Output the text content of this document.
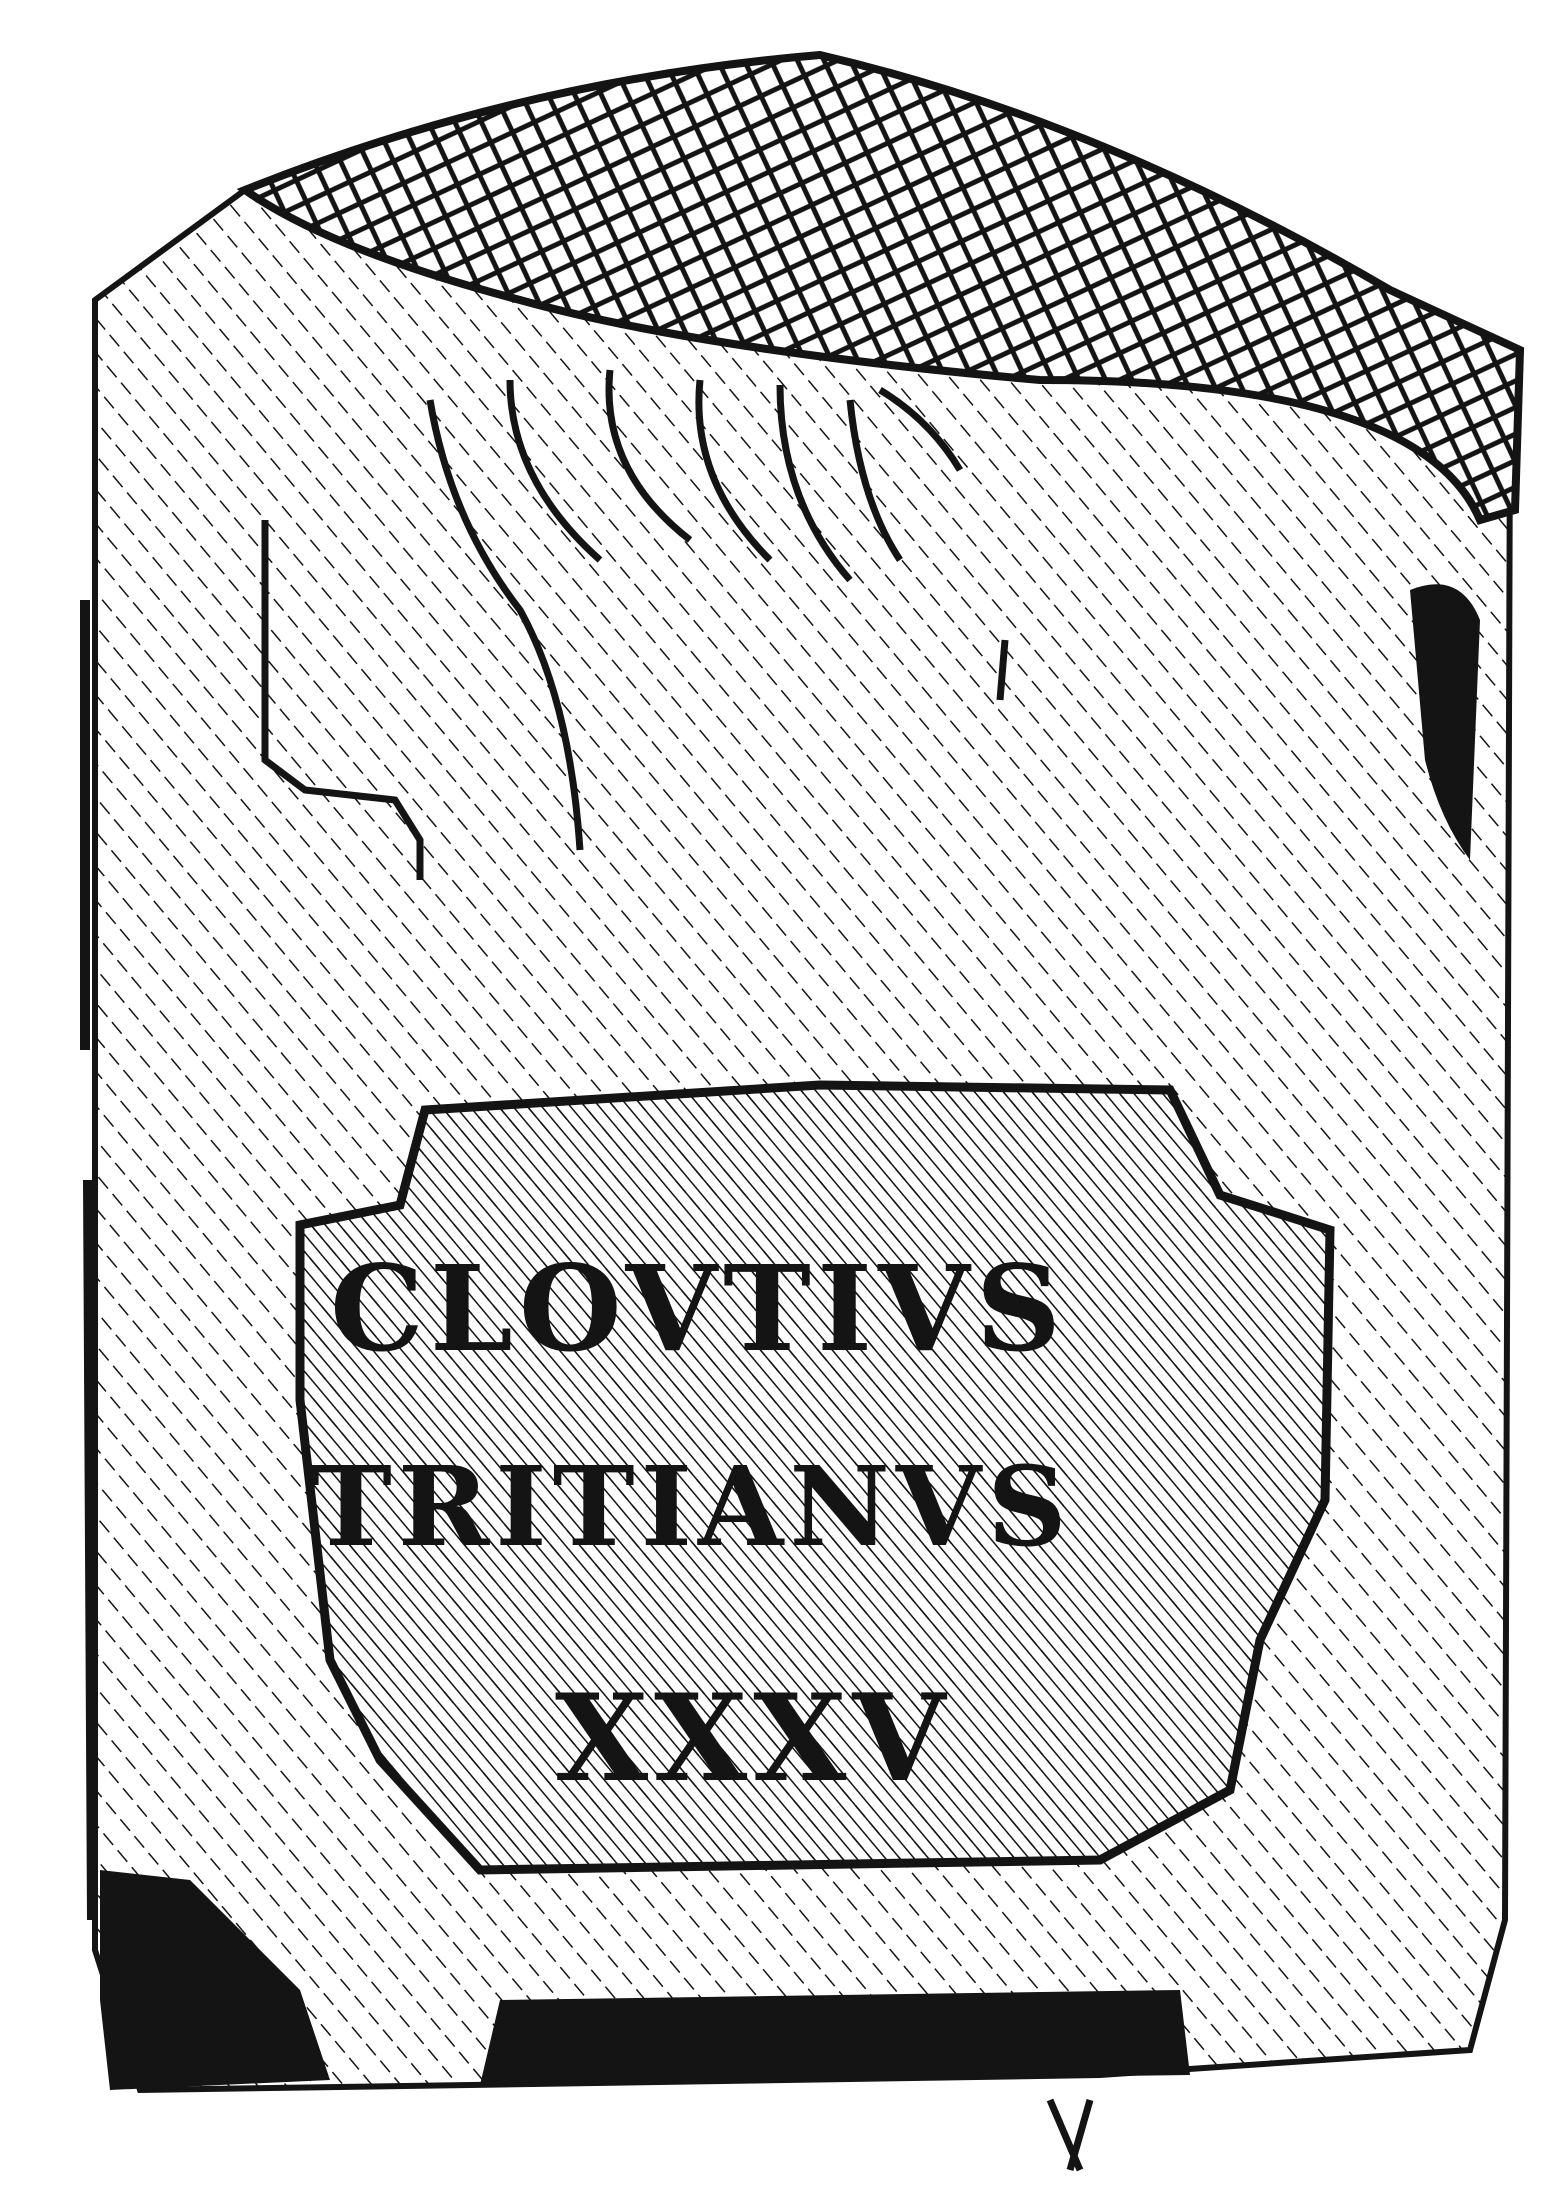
CLOVTIVS
TRITIANVS
XXXV
